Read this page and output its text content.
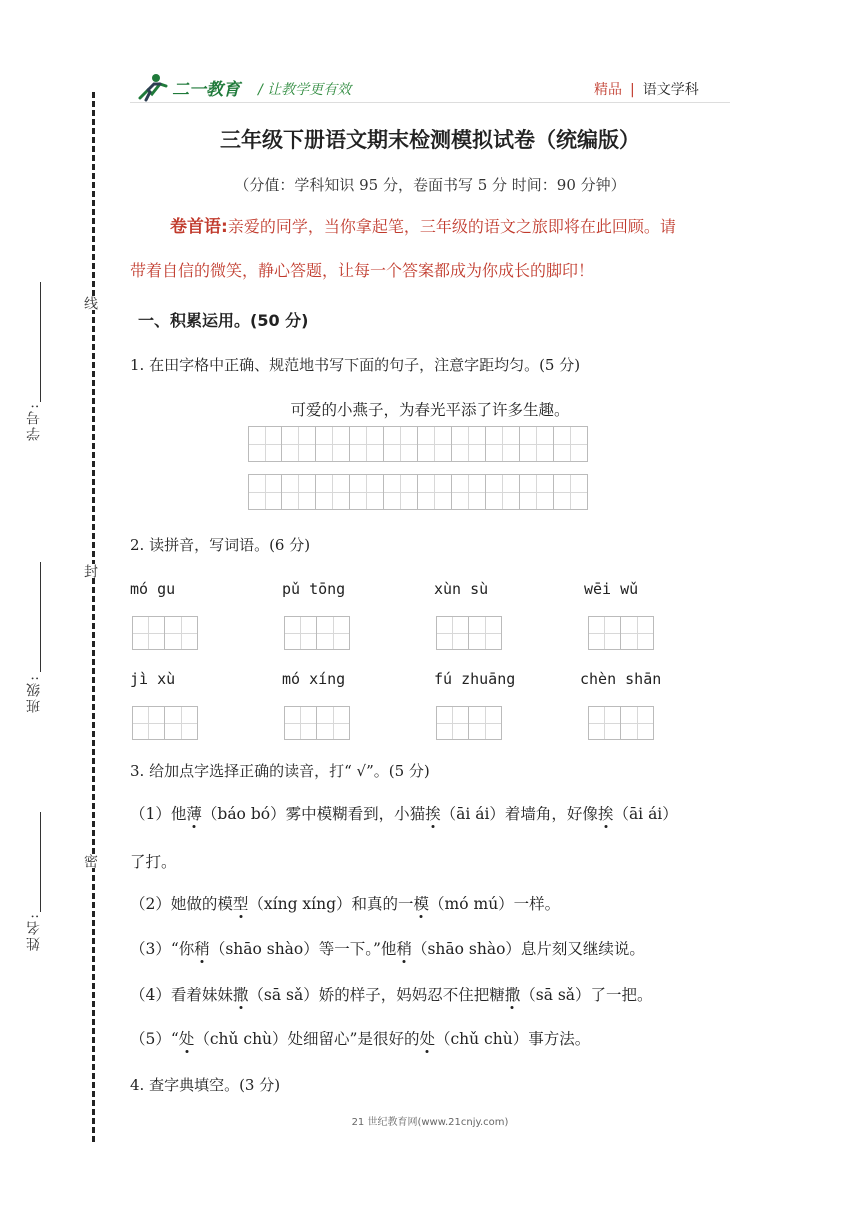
学号:
班级:
姓名:
线
封
密
二一教育 / 让教学更有效	精品 | 语文学科
三年级下册语文期末检测模拟试卷（统编版）
（分值：学科知识 95 分，卷面书写 5 分 时间：90 分钟）
卷首语:亲爱的同学，当你拿起笔，三年级的语文之旅即将在此回顾。请
带着自信的微笑，静心答题，让每一个答案都成为你成长的脚印！
一、积累运用。(50 分)
1. 在田字格中正确、规范地书写下面的句子，注意字距均匀。(5 分)
可爱的小燕子，为春光平添了许多生趣。
2. 读拼音，写词语。(6 分)
mó gu	pǔ tōng	xùn sù	wēi wǔ
jì xù	mó xíng	fú zhuāng	chèn shān
3. 给加点字选择正确的读音，打“ √”。(5 分)
（1）他薄（báo bó）雾中模糊看到，小猫挨（āi ái）着墙角，好像挨（āi ái）
了打。
（2）她做的模型（xíng xíng）和真的一模（mó mú）一样。
（3）“你稍（shāo shào）等一下。”他稍（shāo shào）息片刻又继续说。
（4）看着妹妹撒（sā sǎ）娇的样子，妈妈忍不住把糖撒（sā sǎ）了一把。
（5）“处（chǔ chù）处细留心”是很好的处（chǔ chù）事方法。
4. 查字典填空。(3 分)
21 世纪教育网(www.21cnjy.com)
